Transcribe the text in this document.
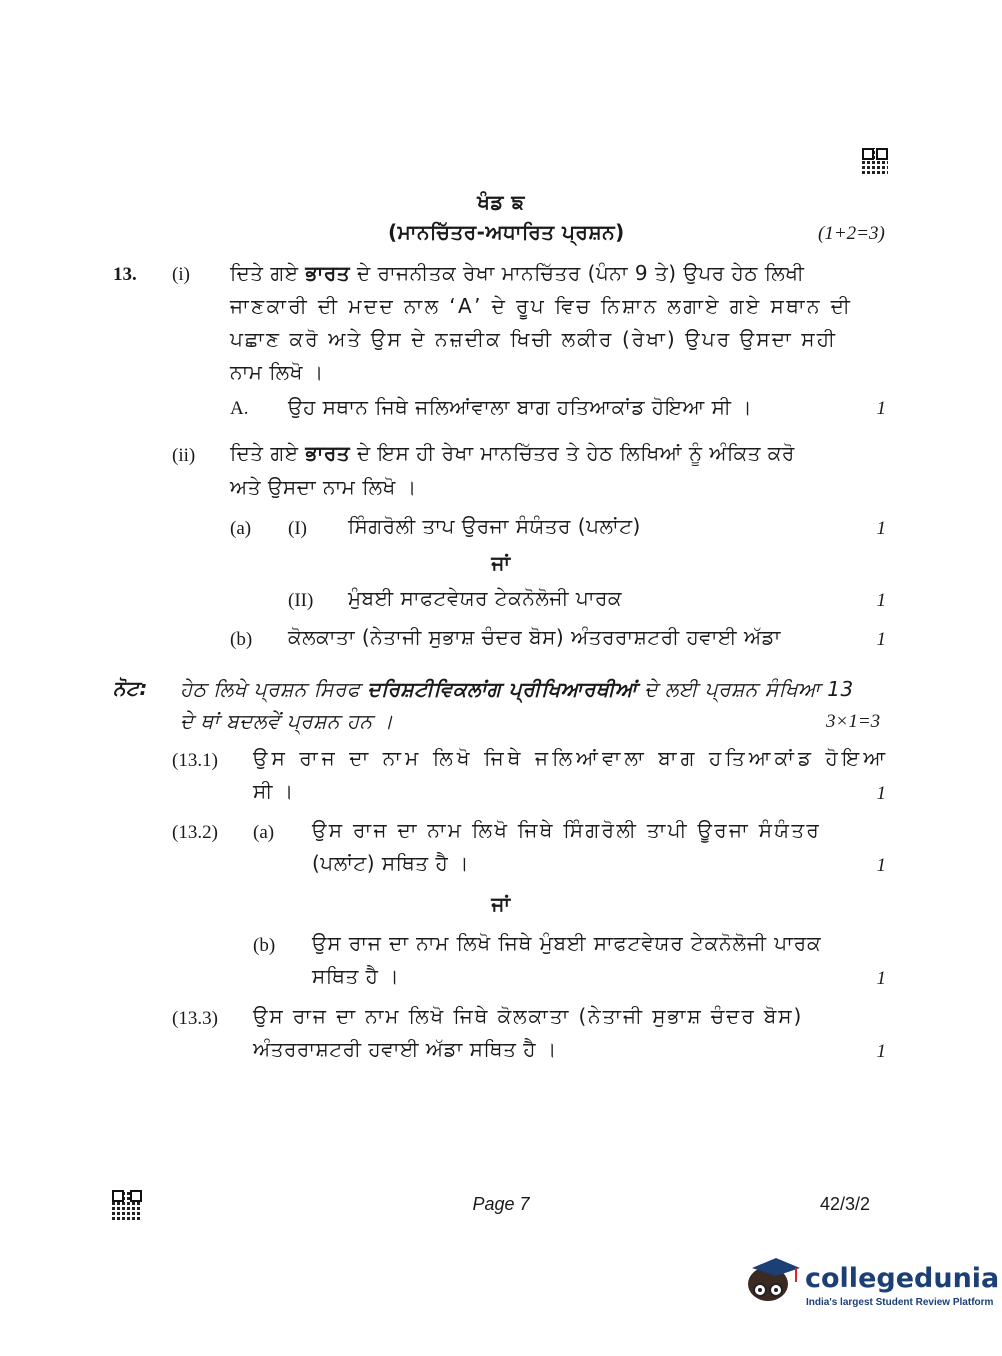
ਖੰਡ ਙ
(ਮਾਨਚਿੱਤਰ-ਅਧਾਰਿਤ ਪ੍ਰਸ਼ਨ)	(1+2=3)
13. (i) ਦਿਤੇ ਗਏ ਭਾਰਤ ਦੇ ਰਾਜਨੀਤਕ ਰੇਖਾ ਮਾਨਚਿੱਤਰ (ਪੰਨਾ 9 ਤੇ) ਉਪਰ ਹੇਠ ਲਿਖੀ
ਜਾਣਕਾਰੀ ਦੀ ਮਦਦ ਨਾਲ ‘A’ ਦੇ ਰੂਪ ਵਿਚ ਨਿਸ਼ਾਨ ਲਗਾਏ ਗਏ ਸਥਾਨ ਦੀ
ਪਛਾਣ ਕਰੋ ਅਤੇ ਉਸ ਦੇ ਨਜ਼ਦੀਕ ਖਿਚੀ ਲਕੀਰ (ਰੇਖਾ) ਉਪਰ ਉਸਦਾ ਸਹੀ
ਨਾਮ ਲਿਖੋ ।
A. ਉਹ ਸਥਾਨ ਜਿਥੇ ਜਲਿਆਂਵਾਲਾ ਬਾਗ ਹਤਿਆਕਾਂਡ ਹੋਇਆ ਸੀ ।	1
(ii) ਦਿਤੇ ਗਏ ਭਾਰਤ ਦੇ ਇਸ ਹੀ ਰੇਖਾ ਮਾਨਚਿੱਤਰ ਤੇ ਹੇਠ ਲਿਖਿਆਂ ਨੂੰ ਅੰਕਿਤ ਕਰੋ
ਅਤੇ ਉਸਦਾ ਨਾਮ ਲਿਖੋ ।
(a) (I) ਸਿੰਗਰੋਲੀ ਤਾਪ ਉਰਜਾ ਸੰਯੰਤਰ (ਪਲਾਂਟ)	1
ਜਾਂ
(II) ਮੁੰਬਈ ਸਾਫਟਵੇਯਰ ਟੇਕਨੋਲੋਜੀ ਪਾਰਕ	1
(b) ਕੋਲਕਾਤਾ (ਨੇਤਾਜੀ ਸੁਭਾਸ਼ ਚੰਦਰ ਬੋਸ) ਅੰਤਰਰਾਸ਼ਟਰੀ ਹਵਾਈ ਅੱਡਾ	1
ਨੋਟ: ਹੇਠ ਲਿਖੇ ਪ੍ਰਸ਼ਨ ਸਿਰਫ ਦਰਿਸ਼ਟੀਵਿਕਲਾਂਗ ਪ੍ਰੀਖਿਆਰਥੀਆਂ ਦੇ ਲਈ ਪ੍ਰਸ਼ਨ ਸੰਖਿਆ 13
ਦੇ ਥਾਂ ਬਦਲਵੇਂ ਪ੍ਰਸ਼ਨ ਹਨ ।	3×1=3
(13.1) ਉਸ ਰਾਜ ਦਾ ਨਾਮ ਲਿਖੋ ਜਿਥੇ ਜਲਿਆਂਵਾਲਾ ਬਾਗ ਹਤਿਆਕਾਂਡ ਹੋਇਆ
ਸੀ ।	1
(13.2) (a) ਉਸ ਰਾਜ ਦਾ ਨਾਮ ਲਿਖੋ ਜਿਥੇ ਸਿੰਗਰੋਲੀ ਤਾਪੀ ਊਰਜਾ ਸੰਯੰਤਰ
(ਪਲਾਂਟ) ਸਥਿਤ ਹੈ ।	1
ਜਾਂ
(b) ਉਸ ਰਾਜ ਦਾ ਨਾਮ ਲਿਖੋ ਜਿਥੇ ਮੁੰਬਈ ਸਾਫਟਵੇਯਰ ਟੇਕਨੋਲੋਜੀ ਪਾਰਕ
ਸਥਿਤ ਹੈ ।	1
(13.3) ਉਸ ਰਾਜ ਦਾ ਨਾਮ ਲਿਖੋ ਜਿਥੇ ਕੋਲਕਾਤਾ (ਨੇਤਾਜੀ ਸੁਭਾਸ਼ ਚੰਦਰ ਬੋਸ)
ਅੰਤਰਰਾਸ਼ਟਰੀ ਹਵਾਈ ਅੱਡਾ ਸਥਿਤ ਹੈ ।	1
Page 7	42/3/2
collegedunia
India's largest Student Review Platform
